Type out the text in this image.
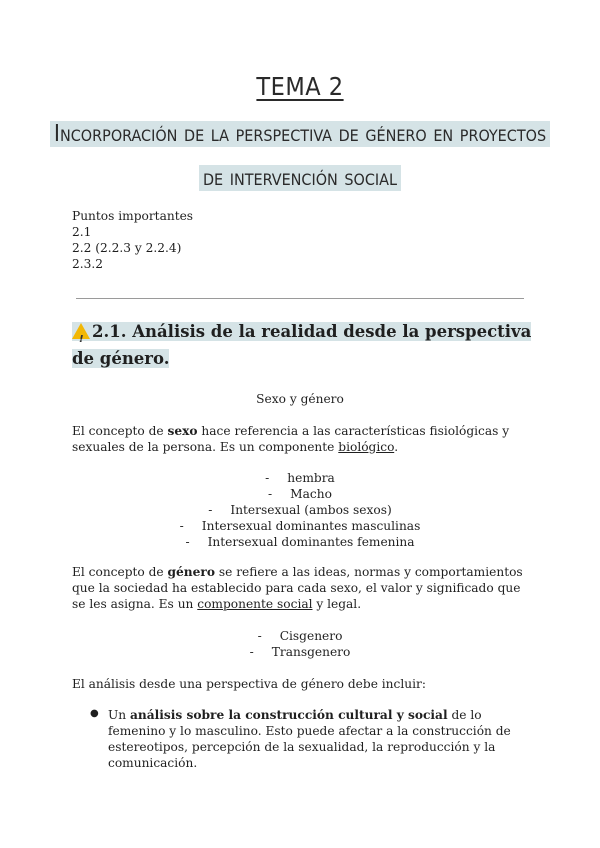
TEMA 2
Incorporación de la perspectiva de género en proyectos
de intervención social
Puntos importantes
2.1
2.2 (2.2.3 y 2.2.4)
2.3.2
!2.1. Análisis de la realidad desde la perspectiva de género.
Sexo y género
El concepto de sexo hace referencia a las características fisiológicas y sexuales de la persona. Es un componente biológico.
- hembra
- Macho
- Intersexual (ambos sexos)
- Intersexual dominantes masculinas
- Intersexual dominantes femenina
El concepto de género se refiere a las ideas, normas y comportamientos que la sociedad ha establecido para cada sexo, el valor y significado que se les asigna. Es un componente social y legal.
- Cisgenero
- Transgenero
El análisis desde una perspectiva de género debe incluir:
● Un análisis sobre la construcción cultural y social de lo femenino y lo masculino. Esto puede afectar a la construcción de estereotipos, percepción de la sexualidad, la reproducción y la comunicación.
